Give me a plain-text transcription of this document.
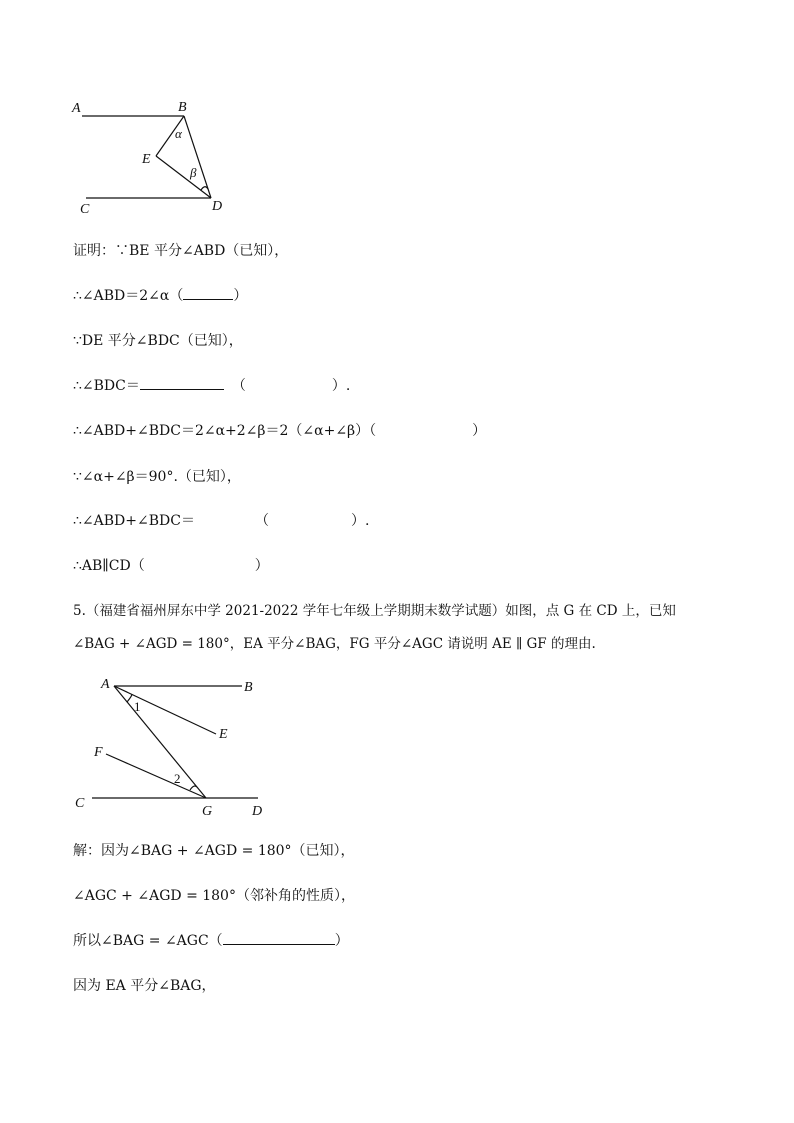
A	B
E
C	D
α
β
证明：∵BE 平分∠ABD（已知），
∴∠ABD＝2∠α（	）
∵DE 平分∠BDC（已知），
∴∠BDC＝	（	）.
∴∠ABD+∠BDC＝2∠α+2∠β＝2（∠α+∠β）（	）
∵∠α+∠β＝90°.（已知），
∴∠ABD+∠BDC＝	（	）.
∴AB∥CD（	）
5.（福建省福州屏东中学 2021-2022 学年七年级上学期期末数学试题）如图，点 G 在 CD 上，已知
∠BAG + ∠AGD = 180°，EA 平分∠BAG，FG 平分∠AGC 请说明 AE ∥ GF 的理由.
A	B
E
F
C
G	D
1
2
解：因为∠BAG + ∠AGD = 180°（已知），
∠AGC + ∠AGD = 180°（邻补角的性质），
所以∠BAG = ∠AGC（	）
因为 EA 平分∠BAG，
